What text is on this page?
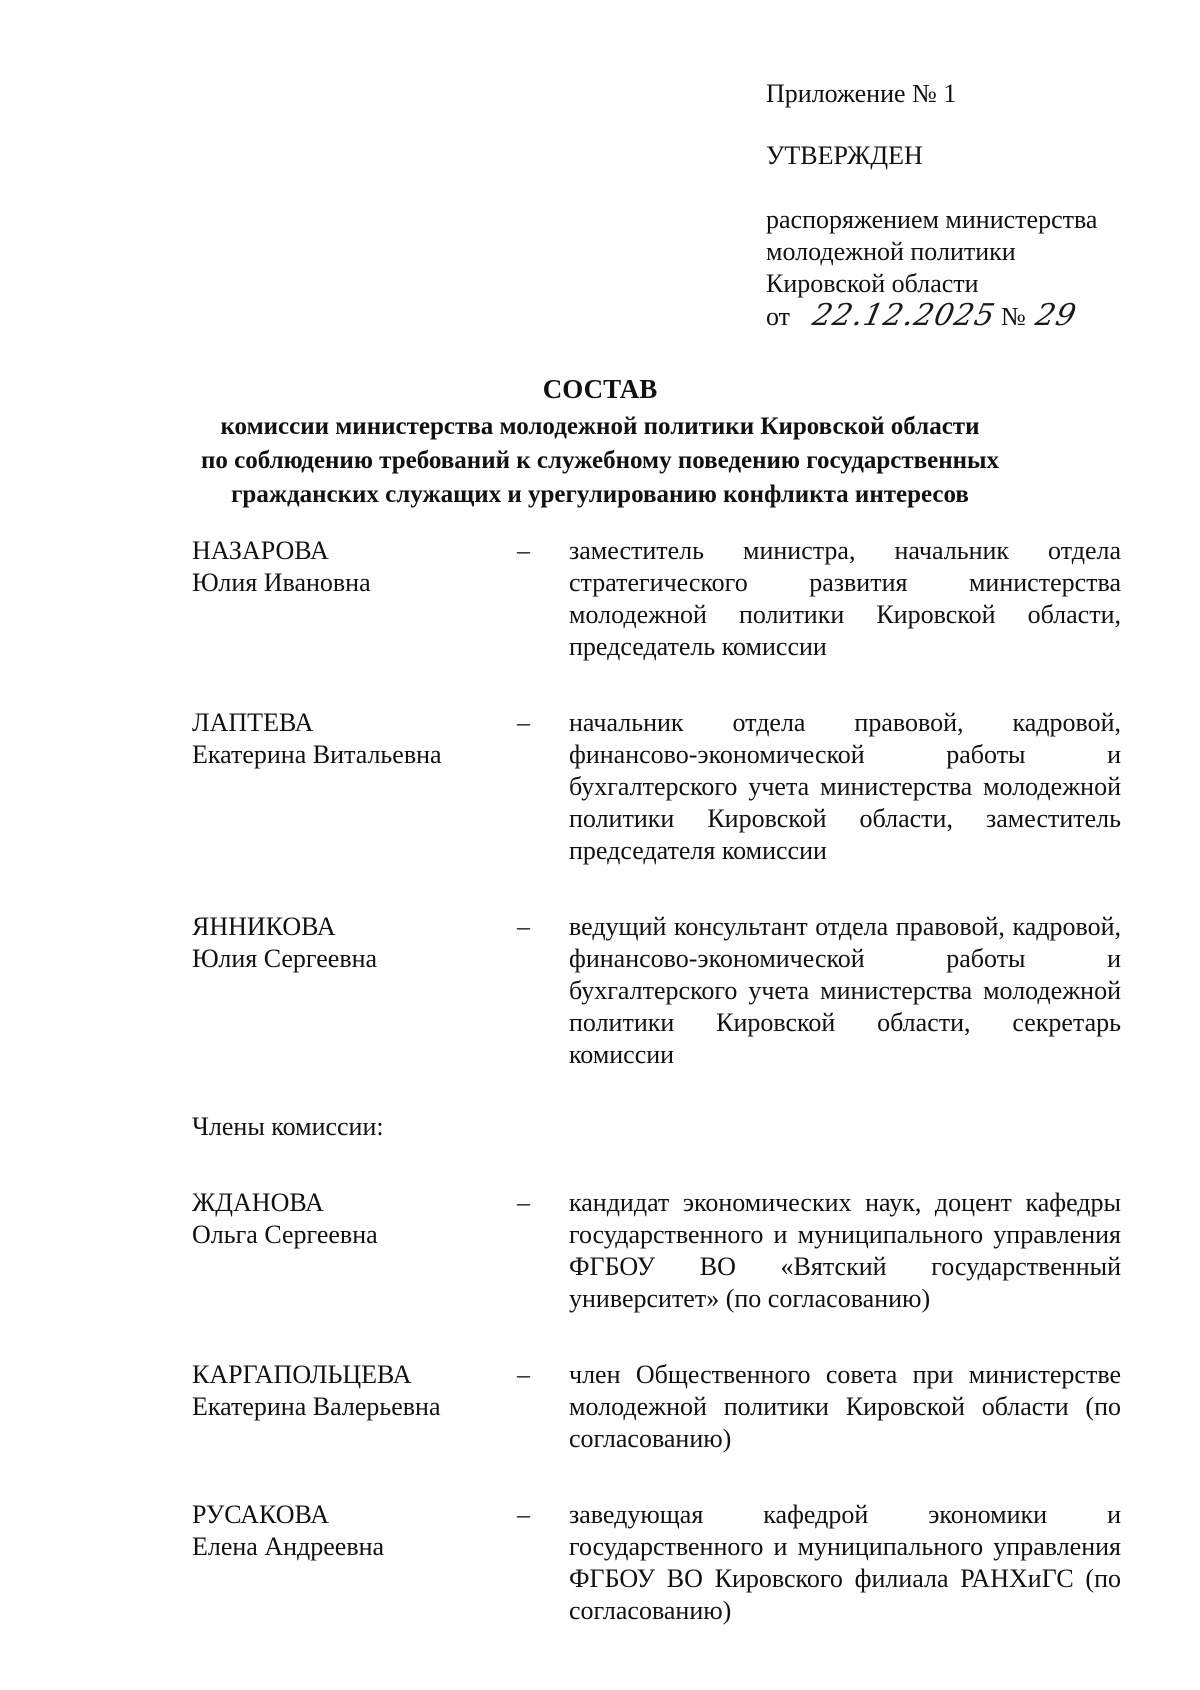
Приложение № 1
УТВЕРЖДЕН
распоряжением министерства
молодежной политики
Кировской области
от 22.12.2025 № 29
СОСТАВ
комиссии министерства молодежной политики Кировской области
по соблюдению требований к служебному поведению государственных
гражданских служащих и урегулированию конфликта интересов
НАЗАРОВА
Юлия Ивановна
–	заместитель министра, начальник отдела стратегического развития министерства молодежной политики Кировской области, председатель комиссии
ЛАПТЕВА
Екатерина Витальевна
–	начальник отдела правовой, кадровой, финансово-экономической работы и бухгалтерского учета министерства молодежной политики Кировской области, заместитель председателя комиссии
ЯННИКОВА
Юлия Сергеевна
–	ведущий консультант отдела правовой, кадровой, финансово-экономической работы и бухгалтерского учета министерства молодежной политики Кировской области, секретарь комиссии
Члены комиссии:
ЖДАНОВА
Ольга Сергеевна
–	кандидат экономических наук, доцент кафедры государственного и муниципального управления ФГБОУ ВО «Вятский государственный университет» (по согласованию)
КАРГАПОЛЬЦЕВА
Екатерина Валерьевна
–	член Общественного совета при министерстве молодежной политики Кировской области (по согласованию)
РУСАКОВА
Елена Андреевна
–	заведующая кафедрой экономики и государственного и муниципального управления ФГБОУ ВО Кировского филиала РАНХиГС (по согласованию)
